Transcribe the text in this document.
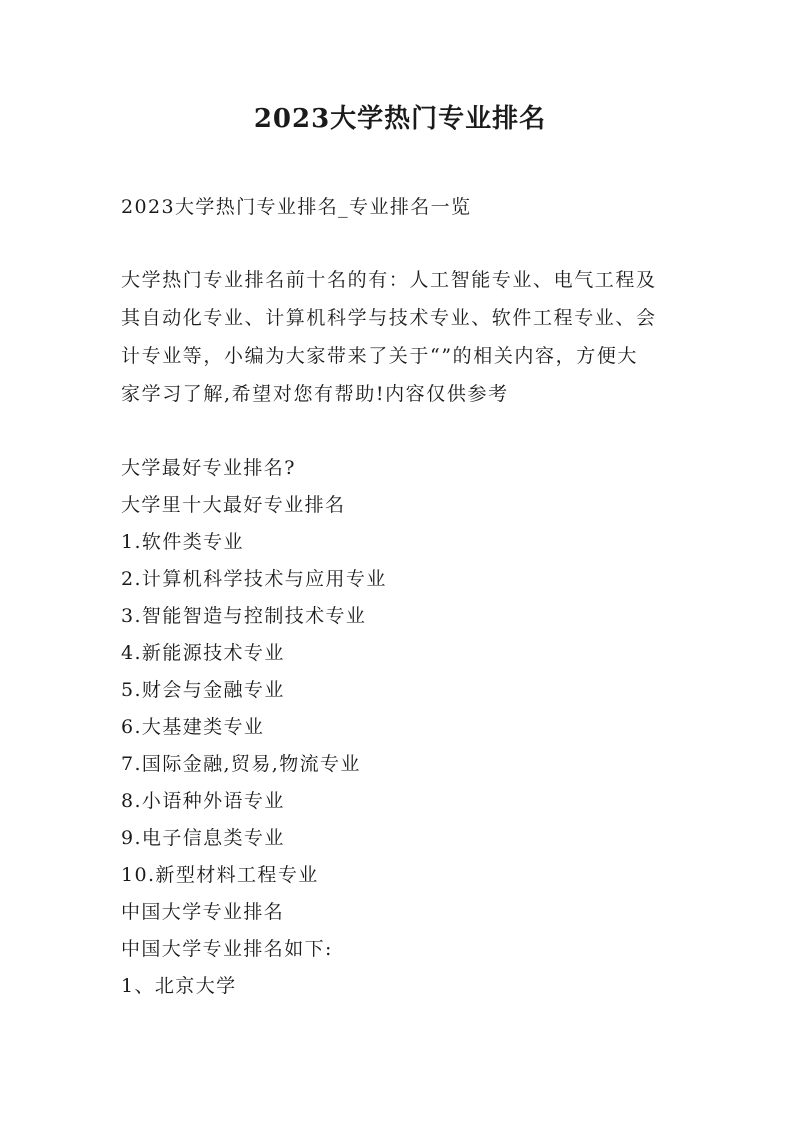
2023大学热门专业排名
2023大学热门专业排名_专业排名一览
大学热门专业排名前十名的有：人工智能专业、电气工程及
其自动化专业、计算机科学与技术专业、软件工程专业、会
计专业等，小编为大家带来了关于“”的相关内容，方便大
家学习了解,希望对您有帮助!内容仅供参考
大学最好专业排名?
大学里十大最好专业排名
1.软件类专业
2.计算机科学技术与应用专业
3.智能智造与控制技术专业
4.新能源技术专业
5.财会与金融专业
6.大基建类专业
7.国际金融,贸易,物流专业
8.小语种外语专业
9.电子信息类专业
10.新型材料工程专业
中国大学专业排名
中国大学专业排名如下:
1、北京大学
